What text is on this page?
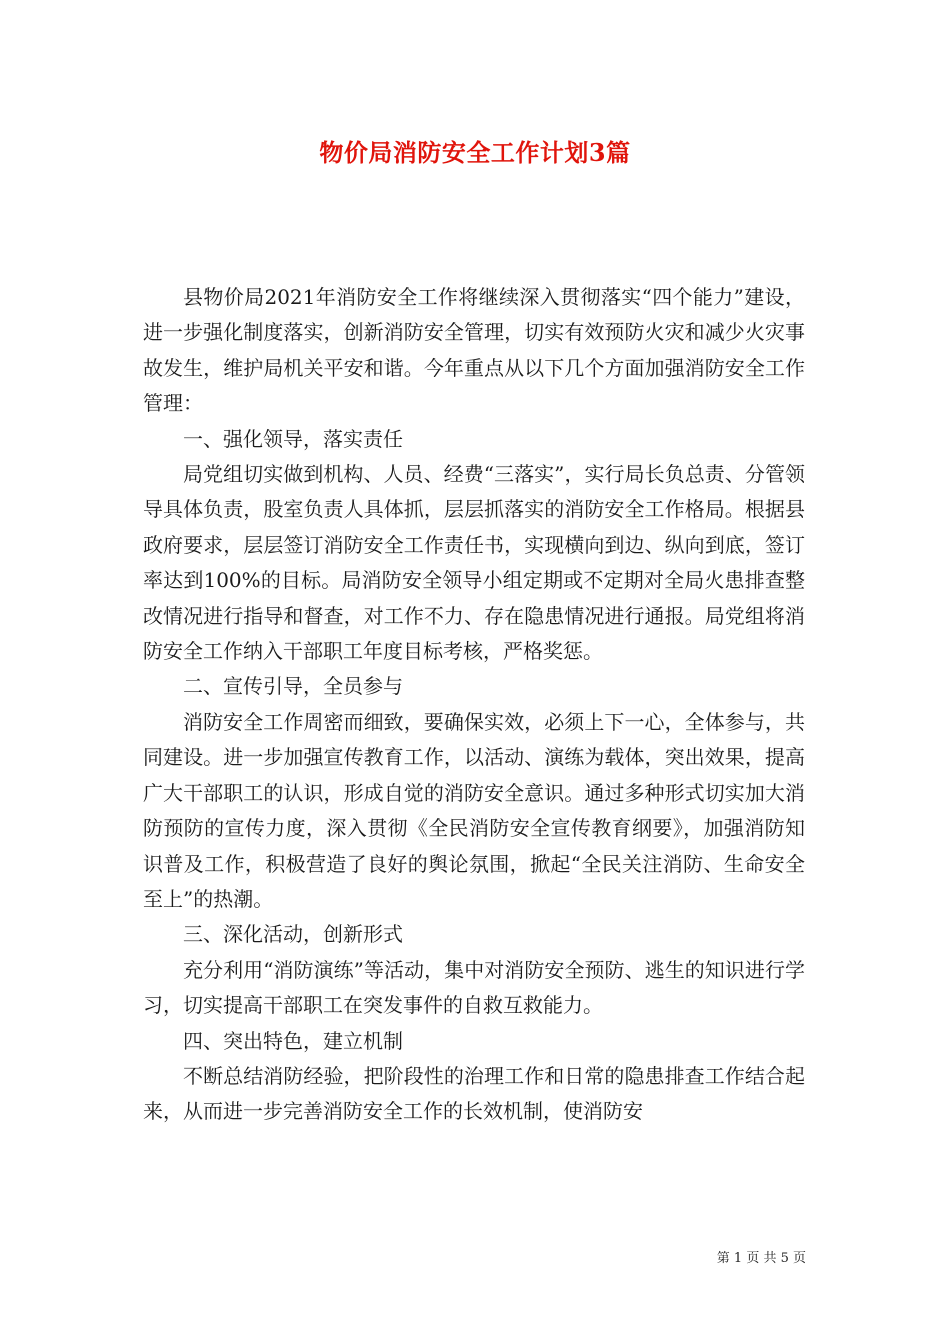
物价局消防安全工作计划3篇

县物价局2021年消防安全工作将继续深入贯彻落实“四个能力”建设，进一步强化制度落实，创新消防安全管理，切实有效预防火灾和减少火灾事故发生，维护局机关平安和谐。今年重点从以下几个方面加强消防安全工作管理：

一、强化领导，落实责任

局党组切实做到机构、人员、经费“三落实”，实行局长负总责、分管领导具体负责，股室负责人具体抓，层层抓落实的消防安全工作格局。根据县政府要求，层层签订消防安全工作责任书，实现横向到边、纵向到底，签订率达到100%的目标。局消防安全领导小组定期或不定期对全局火患排查整改情况进行指导和督查，对工作不力、存在隐患情况进行通报。局党组将消防安全工作纳入干部职工年度目标考核，严格奖惩。

二、宣传引导，全员参与

消防安全工作周密而细致，要确保实效，必须上下一心，全体参与，共同建设。进一步加强宣传教育工作，以活动、演练为载体，突出效果，提高广大干部职工的认识，形成自觉的消防安全意识。通过多种形式切实加大消防预防的宣传力度，深入贯彻《全民消防安全宣传教育纲要》，加强消防知识普及工作，积极营造了良好的舆论氛围，掀起“全民关注消防、生命安全至上”的热潮。

三、深化活动，创新形式

充分利用“消防演练”等活动，集中对消防安全预防、逃生的知识进行学习，切实提高干部职工在突发事件的自救互救能力。

四、突出特色，建立机制

不断总结消防经验，把阶段性的治理工作和日常的隐患排查工作结合起来，从而进一步完善消防安全工作的长效机制，使消防安

第 1 页 共 5 页
